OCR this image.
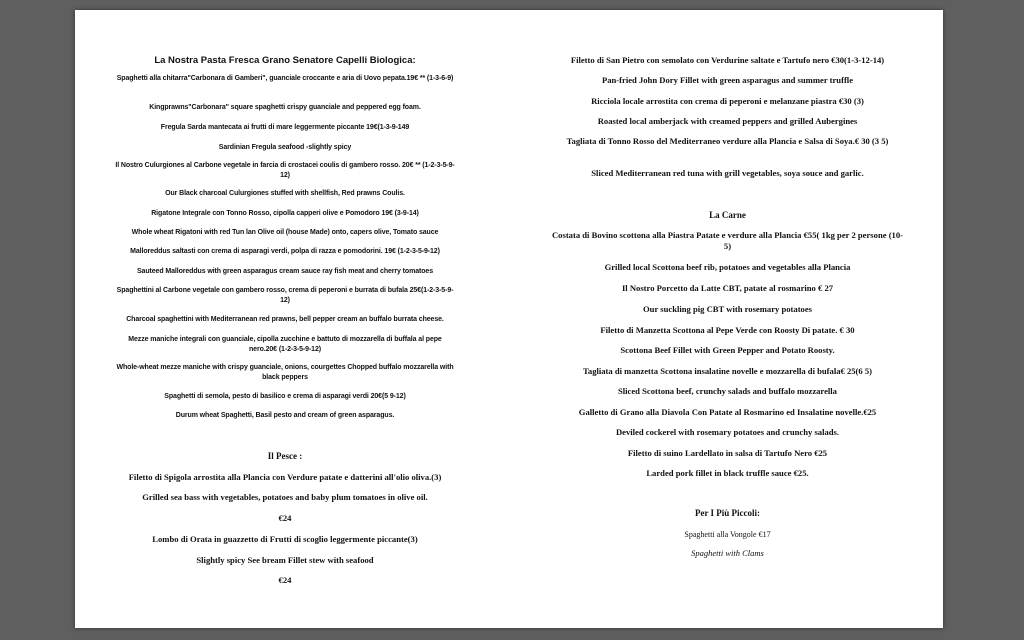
La Nostra Pasta Fresca Grano Senatore Capelli Biologica:
Spaghetti alla chitarra"Carbonara di Gamberi", guanciale croccante e aria di Uovo pepata.19€ ** (1-3-6-9)
Kingprawns"Carbonara" square spaghetti crispy guanciale and peppered egg foam.
Fregula Sarda mantecata ai frutti di mare leggermente piccante 19€(1-3-9-149
Sardinian Fregula seafood -slightly spicy
Il Nostro Culurgiones al Carbone vegetale in farcia di crostacei coulis di gambero rosso. 20€ ** (1-2-3-5-9-12)
Our Black charcoal Culurgiones stuffed with shellfish, Red prawns Coulis.
Rigatone Integrale con Tonno Rosso, cipolla capperi olive e Pomodoro 19€ (3-9-14)
Whole wheat Rigatoni with red Tun lan Olive oil (house Made) onto, capers olive, Tomato sauce
Malloreddus saltasti con crema di asparagi verdi, polpa di razza e pomodorini. 19€ (1-2-3-5-9-12)
Sauteed Malloreddus with green asparagus cream sauce ray fish meat and cherry tomatoes
Spaghettini al Carbone vegetale con gambero rosso, crema di peperoni e burrata di bufala 25€(1-2-3-5-9-12)
Charcoal spaghettini with Mediterranean red prawns, bell pepper cream an buffalo burrata cheese.
Mezze maniche integrali con guanciale, cipolla zucchine e battuto di mozzarella di buffala al pepe nero.20€ (1-2-3-5-9-12)
Whole-wheat mezze maniche with crispy guanciale, onions, courgettes Chopped buffalo mozzarella with black peppers
Spaghetti di semola, pesto di basilico e crema di asparagi verdi 20€(5 9-12)
Durum wheat Spaghetti, Basil pesto and cream of green asparagus.
Il Pesce :
Filetto di Spigola arrostita alla Plancia con Verdure patate e datterini all'olio oliva.(3)
Grilled sea bass with vegetables, potatoes and baby plum tomatoes in olive oil.
€24
Lombo di Orata in guazzetto di Frutti di scoglio leggermente piccante(3)
Slightly spicy See bream Fillet stew with seafood
€24
Filetto di San Pietro con semolato con Verdurine saltate e Tartufo nero €30(1-3-12-14)
Pan-fried John Dory Fillet with green asparagus and summer truffle
Ricciola locale arrostita con crema di peperoni e melanzane piastra €30 (3)
Roasted local amberjack with creamed peppers and grilled Aubergines
Tagliata di Tonno Rosso del Mediterraneo verdure alla Plancia e Salsa di Soya.€ 30 (3 5)
Sliced Mediterranean red tuna with grill vegetables, soya souce and garlic.
La Carne
Costata di Bovino scottona alla Piastra Patate e verdure alla Plancia €55( 1kg per 2 persone (10-5)
Grilled local Scottona beef rib, potatoes and vegetables alla Plancia
Il Nostro Porcetto da Latte CBT, patate al rosmarino € 27
Our suckling pig CBT with rosemary potatoes
Filetto di Manzetta Scottona al Pepe Verde con Roosty Di patate. € 30
Scottona Beef Fillet with Green Pepper and Potato Roosty.
Tagliata di manzetta Scottona insalatine novelle e mozzarella di bufala€ 25(6 5)
Sliced Scottona beef, crunchy salads and buffalo mozzarella
Galletto di Grano alla Diavola Con Patate al Rosmarino ed Insalatine novelle.€25
Deviled cockerel with rosemary potatoes and crunchy salads.
Filetto di suino Lardellato in salsa di Tartufo Nero €25
Larded pork fillet in black truffle sauce €25.
Per I Più Piccoli:
Spaghetti alla Vongole €17
Spaghetti with Clams
